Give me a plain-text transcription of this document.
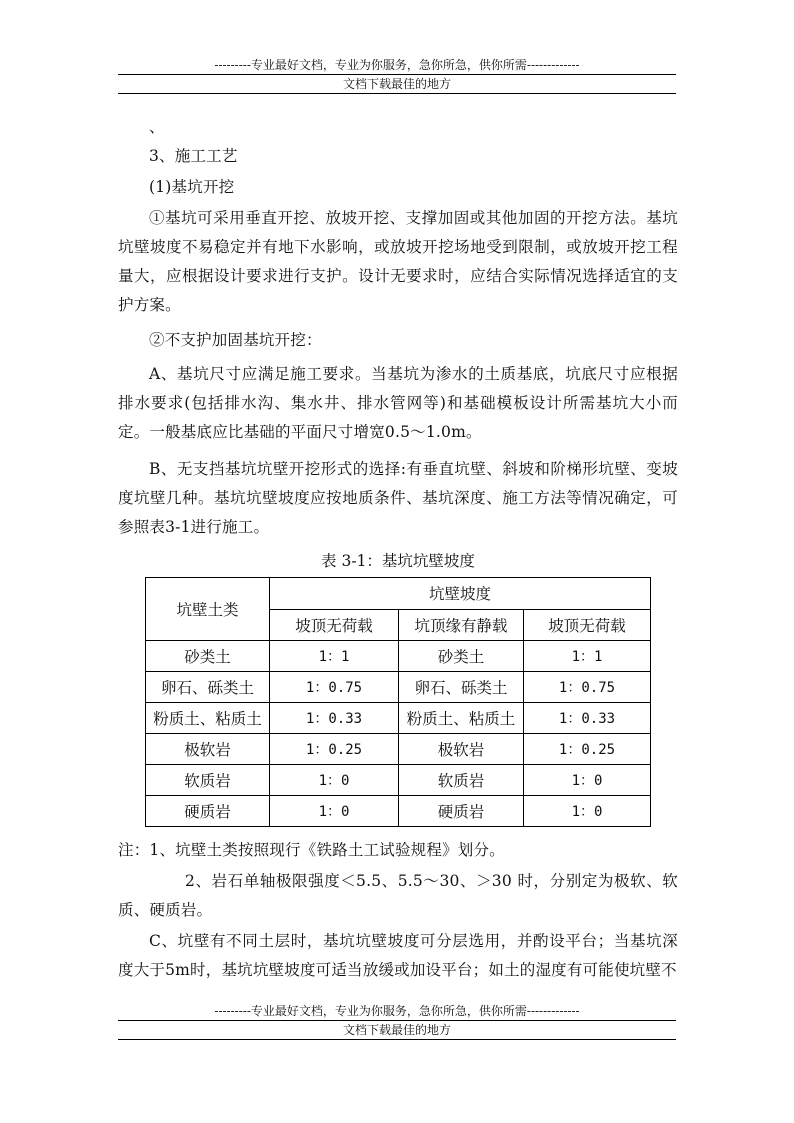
---------专业最好文档，专业为你服务，急你所急，供你所需-------------
文档下载最佳的地方
、
3、施工工艺
(1)基坑开挖
①基坑可采用垂直开挖、放坡开挖、支撑加固或其他加固的开挖方法。基坑坑壁坡度不易稳定并有地下水影响，或放坡开挖场地受到限制，或放坡开挖工程量大，应根据设计要求进行支护。设计无要求时，应结合实际情况选择适宜的支护方案。
②不支护加固基坑开挖：
A、基坑尺寸应满足施工要求。当基坑为渗水的土质基底，坑底尺寸应根据排水要求(包括排水沟、集水井、排水管网等)和基础模板设计所需基坑大小而定。一般基底应比基础的平面尺寸增宽0.5～1.0m。
B、无支挡基坑坑壁开挖形式的选择:有垂直坑壁、斜坡和阶梯形坑壁、变坡度坑壁几种。基坑坑壁坡度应按地质条件、基坑深度、施工方法等情况确定，可参照表3-1进行施工。
表 3-1：基坑坑壁坡度
坑壁土类	坑壁坡度		
	坡顶无荷载	坑顶缘有静载	坡顶无荷载
砂类土	1：1	砂类土	1：1
卵石、砾类土	1：0.75	卵石、砾类土	1：0.75
粉质土、粘质土	1：0.33	粉质土、粘质土	1：0.33
极软岩	1：0.25	极软岩	1：0.25
软质岩	1：0	软质岩	1：0
硬质岩	1：0	硬质岩	1：0
注：1、坑壁土类按照现行《铁路土工试验规程》划分。
2、岩石单轴极限强度＜5.5、5.5～30、＞30 时，分别定为极软、软质、硬质岩。
C、坑壁有不同土层时，基坑坑壁坡度可分层选用，并酌设平台；当基坑深度大于5m时，基坑坑壁坡度可适当放缓或加设平台；如土的湿度有可能使坑壁不
---------专业最好文档，专业为你服务，急你所急，供你所需-------------
文档下载最佳的地方
